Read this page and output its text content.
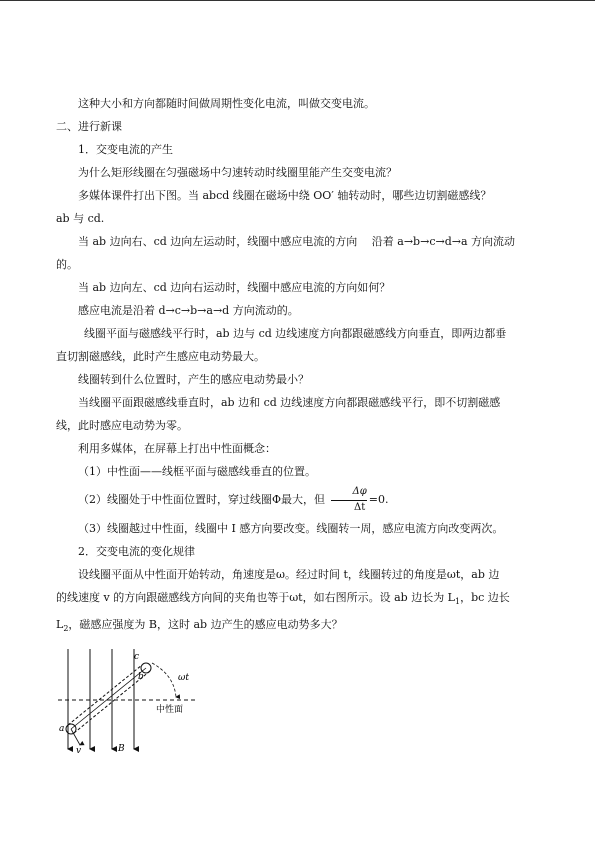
这种大小和方向都随时间做周期性变化电流，叫做交变电流。

二、进行新课

1．交变电流的产生

为什么矩形线圈在匀强磁场中匀速转动时线圈里能产生交变电流？

多媒体课件打出下图。当 abcd 线圈在磁场中绕 OO′ 轴转动时，哪些边切割磁感线？

ab 与 cd.

当 ab 边向右、cd 边向左运动时，线圈中感应电流的方向　 沿着 a→b→c→d→a 方向流动

的。

当 ab 边向左、cd 边向右运动时，线圈中感应电流的方向如何？

感应电流是沿着 d→c→b→a→d 方向流动的。

线圈平面与磁感线平行时，ab 边与 cd 边线速度方向都跟磁感线方向垂直，即两边都垂

直切割磁感线，此时产生感应电动势最大。

线圈转到什么位置时，产生的感应电动势最小？

当线圈平面跟磁感线垂直时，ab 边和 cd 边线速度方向都跟磁感线平行，即不切割磁感

线，此时感应电动势为零。

利用多媒体，在屏幕上打出中性面概念：

（1）中性面——线框平面与磁感线垂直的位置。

（2）线圈处于中性面位置时，穿过线圈Φ最大，但 $\frac{\Delta\varphi}{\Delta t} =0$.

（3）线圈越过中性面，线圈中 I 感方向要改变。线圈转一周，感应电流方向改变两次。

2．交变电流的变化规律

设线圈平面从中性面开始转动，角速度是ω。经过时间 t，线圈转过的角度是ωt，ab 边

的线速度 v 的方向跟磁感线方向间的夹角也等于ωt，如右图所示。设 ab 边长为 $L_1$，bc 边长

$L_2$，磁感应强度为 B，这时 ab 边产生的感应电动势多大？

c
b
a
ωt
v	B
中性面
